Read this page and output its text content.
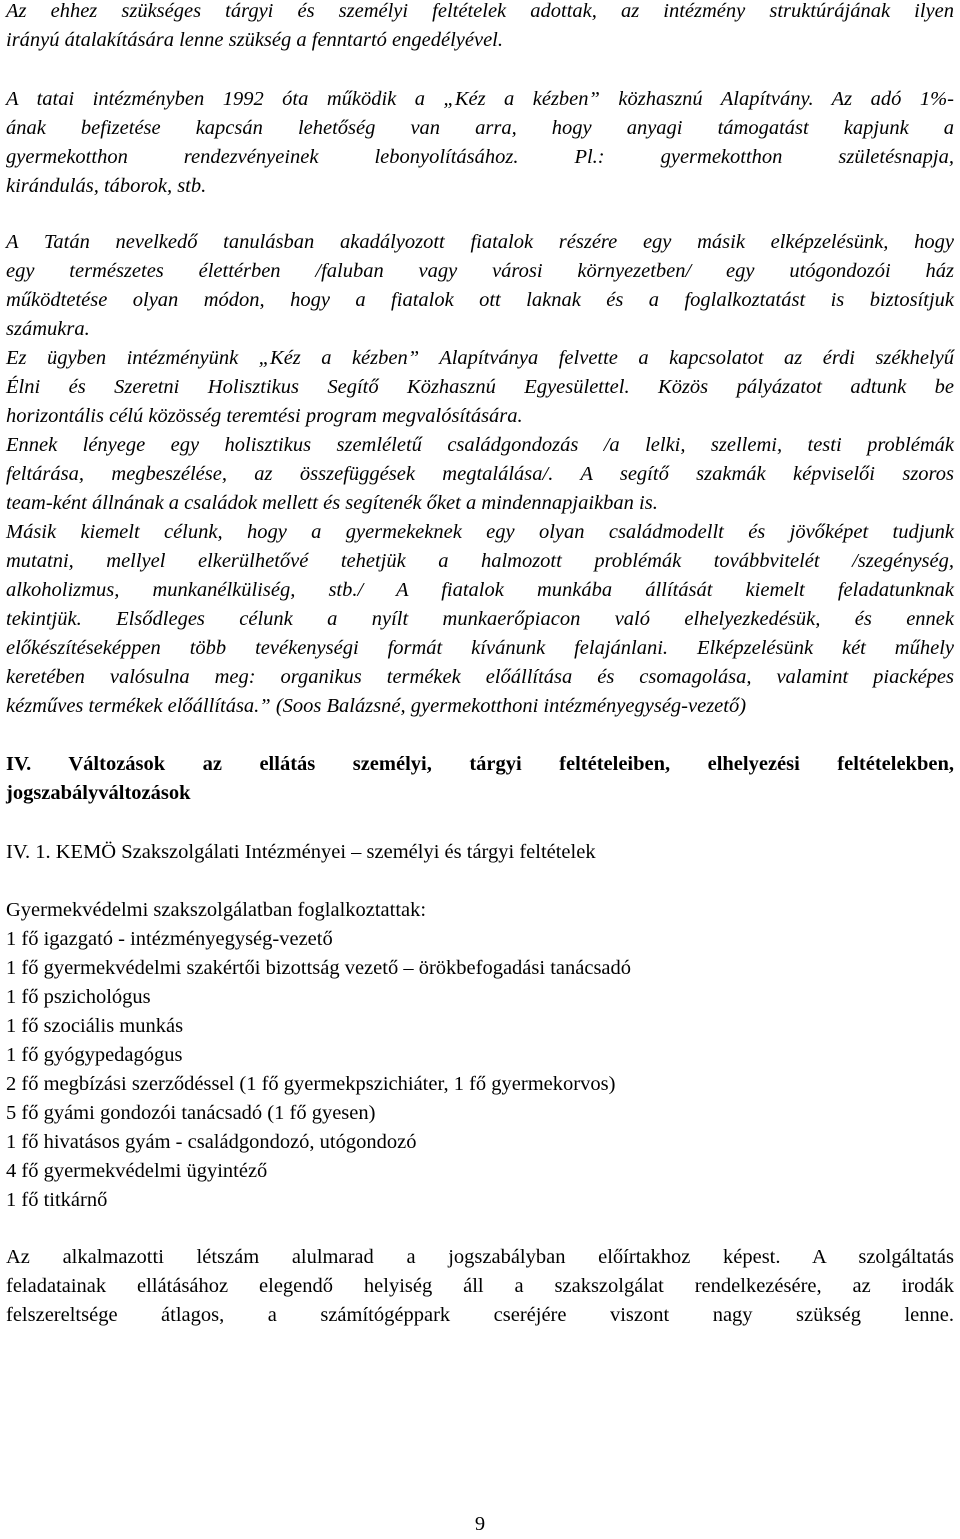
Az ehhez szükséges tárgyi és személyi feltételek adottak, az intézmény struktúrájának ilyen
irányú átalakítására lenne szükség a fenntartó engedélyével.
A tatai intézményben 1992 óta működik a „Kéz a kézben” közhasznú Alapítvány. Az adó 1%-
ának befizetése kapcsán lehetőség van arra, hogy anyagi támogatást kapjunk a
gyermekotthon rendezvényeinek lebonyolításához. Pl.: gyermekotthon születésnapja,
kirándulás, táborok, stb.
A Tatán nevelkedő tanulásban akadályozott fiatalok részére egy másik elképzelésünk, hogy
egy természetes élettérben /faluban vagy városi környezetben/ egy utógondozói ház
működtetése olyan módon, hogy a fiatalok ott laknak és a foglalkoztatást is biztosítjuk
számukra.
Ez ügyben intézményünk „Kéz a kézben” Alapítványa felvette a kapcsolatot az érdi székhelyű
Élni és Szeretni Holisztikus Segítő Közhasznú Egyesülettel. Közös pályázatot adtunk be
horizontális célú közösség teremtési program megvalósítására.
Ennek lényege egy holisztikus szemléletű családgondozás /a lelki, szellemi, testi problémák
feltárása, megbeszélése, az összefüggések megtalálása/. A segítő szakmák képviselői szoros
team-ként állnának a családok mellett és segítenék őket a mindennapjaikban is.
Másik kiemelt célunk, hogy a gyermekeknek egy olyan családmodellt és jövőképet tudjunk
mutatni, mellyel elkerülhetővé tehetjük a halmozott problémák továbbvitelét /szegénység,
alkoholizmus, munkanélküliség, stb./ A fiatalok munkába állítását kiemelt feladatunknak
tekintjük. Elsődleges célunk a nyílt munkaerőpiacon való elhelyezkedésük, és ennek
előkészítéseképpen több tevékenységi formát kívánunk felajánlani. Elképzelésünk két műhely
keretében valósulna meg: organikus termékek előállítása és csomagolása, valamint piacképes
kézműves termékek előállítása.” (Soos Balázsné, gyermekotthoni intézményegység-vezető)
IV. Változások az ellátás személyi, tárgyi feltételeiben, elhelyezési feltételekben,
jogszabályváltozások
IV. 1. KEMÖ Szakszolgálati Intézményei – személyi és tárgyi feltételek
Gyermekvédelmi szakszolgálatban foglalkoztattak:
1 fő igazgató - intézményegység-vezető
1 fő gyermekvédelmi szakértői bizottság vezető – örökbefogadási tanácsadó
1 fő pszichológus
1 fő szociális munkás
1 fő gyógypedagógus
2 fő megbízási szerződéssel (1 fő gyermekpszichiáter, 1 fő gyermekorvos)
5 fő gyámi gondozói tanácsadó (1 fő gyesen)
1 fő hivatásos gyám - családgondozó, utógondozó
4 fő gyermekvédelmi ügyintéző
1 fő titkárnő
Az alkalmazotti létszám alulmarad a jogszabályban előírtakhoz képest. A szolgáltatás
feladatainak ellátásához elegendő helyiség áll a szakszolgálat rendelkezésére, az irodák
felszereltsége átlagos, a számítógéppark cseréjére viszont nagy szükség lenne.
9
